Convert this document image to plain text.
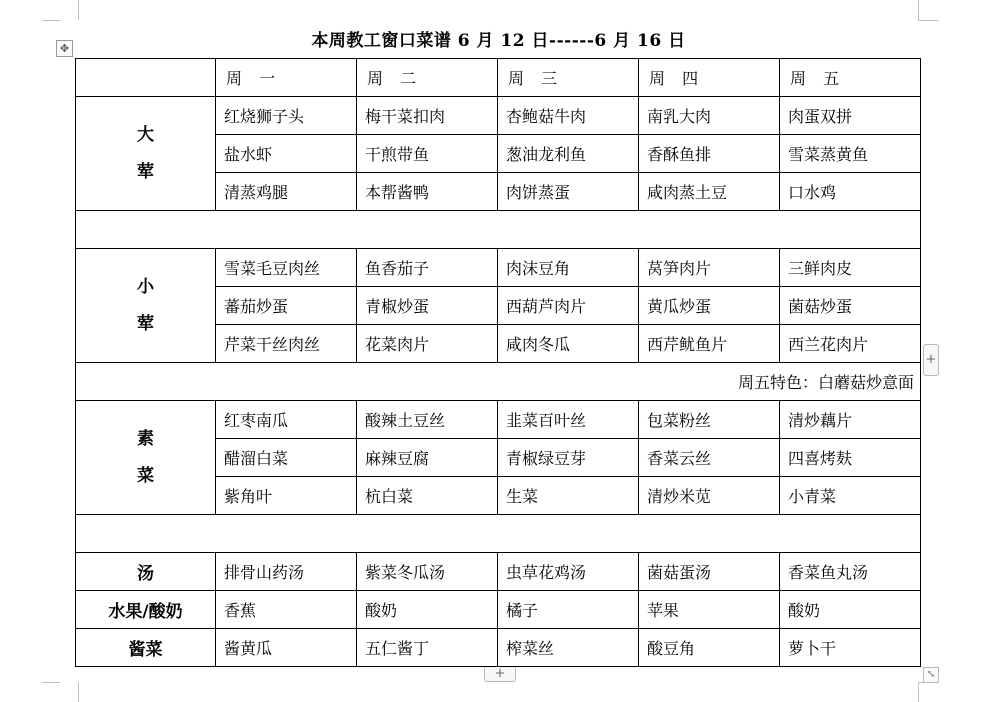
本周教工窗口菜谱 6 月 12 日------6 月 16 日
✥
+
+	⤡
	周 一	周 二	周 三	周 四	周 五

大
荤	红烧狮子头	梅干菜扣肉	杏鲍菇牛肉	南乳大肉	肉蛋双拼
	盐水虾	干煎带鱼	葱油龙利鱼	香酥鱼排	雪菜蒸黄鱼
	清蒸鸡腿	本帮酱鸭	肉饼蒸蛋	咸肉蒸土豆	口水鸡

小
荤	雪菜毛豆肉丝	鱼香茄子	肉沫豆角	莴笋肉片	三鲜肉皮
	蕃茄炒蛋	青椒炒蛋	西葫芦肉片	黄瓜炒蛋	菌菇炒蛋
	芹菜干丝肉丝	花菜肉片	咸肉冬瓜	西芹鱿鱼片	西兰花肉片
周五特色：白蘑菇炒意面					

素
菜	红枣南瓜	酸辣土豆丝	韭菜百叶丝	包菜粉丝	清炒藕片
	醋溜白菜	麻辣豆腐	青椒绿豆芽	香菜云丝	四喜烤麸
	紫角叶	杭白菜	生菜	清炒米苋	小青菜

汤	排骨山药汤	紫菜冬瓜汤	虫草花鸡汤	菌菇蛋汤	香菜鱼丸汤
水果/酸奶	香蕉	酸奶	橘子	苹果	酸奶
酱菜	酱黄瓜	五仁酱丁	榨菜丝	酸豆角	萝卜干
